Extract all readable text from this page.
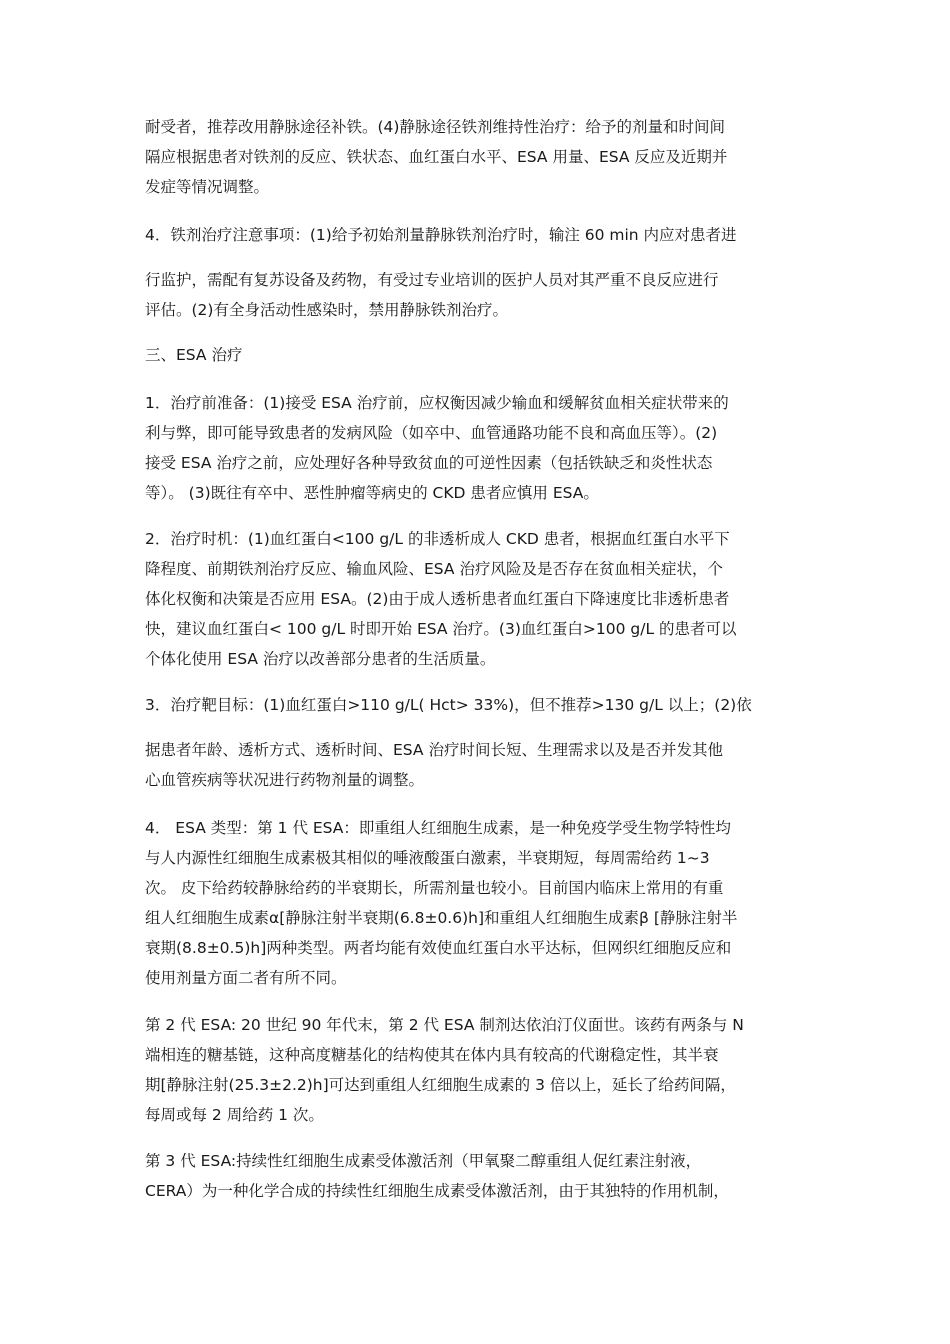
耐受者，推荐改用静脉途径补铁。(4)静脉途径铁剂维持性治疗：给予的剂量和时间间
隔应根据患者对铁剂的反应、铁状态、血红蛋白水平、ESA 用量、ESA 反应及近期并
发症等情况调整。
4．铁剂治疗注意事项：(1)给予初始剂量静脉铁剂治疗时，输注 60 min 内应对患者进
行监护，需配有复苏设备及药物，有受过专业培训的医护人员对其严重不良反应进行
评估。(2)有全身活动性感染时，禁用静脉铁剂治疗。
三、ESA 治疗
1．治疗前准备：(1)接受 ESA 治疗前，应权衡因减少输血和缓解贫血相关症状带来的
利与弊，即可能导致患者的发病风险（如卒中、血管通路功能不良和高血压等）。(2)
接受 ESA 治疗之前，应处理好各种导致贫血的可逆性因素（包括铁缺乏和炎性状态
等）。 (3)既往有卒中、恶性肿瘤等病史的 CKD 患者应慎用 ESA。
2．治疗时机：(1)血红蛋白<100 g/L 的非透析成人 CKD 患者，根据血红蛋白水平下
降程度、前期铁剂治疗反应、输血风险、ESA 治疗风险及是否存在贫血相关症状，个
体化权衡和决策是否应用 ESA。(2)由于成人透析患者血红蛋白下降速度比非透析患者
快，建议血红蛋白< 100 g/L 时即开始 ESA 治疗。(3)血红蛋白>100 g/L 的患者可以
个体化使用 ESA 治疗以改善部分患者的生活质量。
3．治疗靶目标：(1)血红蛋白>110 g/L( Hct> 33%)，但不推荐>130 g/L 以上；(2)依
据患者年龄、透析方式、透析时间、ESA 治疗时间长短、生理需求以及是否并发其他
心血管疾病等状况进行药物剂量的调整。
4． ESA 类型：第 1 代 ESA：即重组人红细胞生成素，是一种免疫学受生物学特性均
与人内源性红细胞生成素极其相似的唾液酸蛋白激素，半衰期短，每周需给药 1~3
次。 皮下给药较静脉给药的半衰期长，所需剂量也较小。目前国内临床上常用的有重
组人红细胞生成素α[静脉注射半衰期(6.8±0.6)h]和重组人红细胞生成素β [静脉注射半
衰期(8.8±0.5)h]两种类型。两者均能有效使血红蛋白水平达标，但网织红细胞反应和
使用剂量方面二者有所不同。
第 2 代 ESA: 20 世纪 90 年代末，第 2 代 ESA 制剂达依泊汀仪面世。该药有两条与 N
端相连的糖基链，这种高度糖基化的结构使其在体内具有较高的代谢稳定性，其半衰
期[静脉注射(25.3±2.2)h]可达到重组人红细胞生成素的 3 倍以上，延长了给药间隔，
每周或每 2 周给药 1 次。
第 3 代 ESA:持续性红细胞生成素受体激活剂（甲氧聚二醇重组人促红素注射液，
CERA）为一种化学合成的持续性红细胞生成素受体激活剂，由于其独特的作用机制，
